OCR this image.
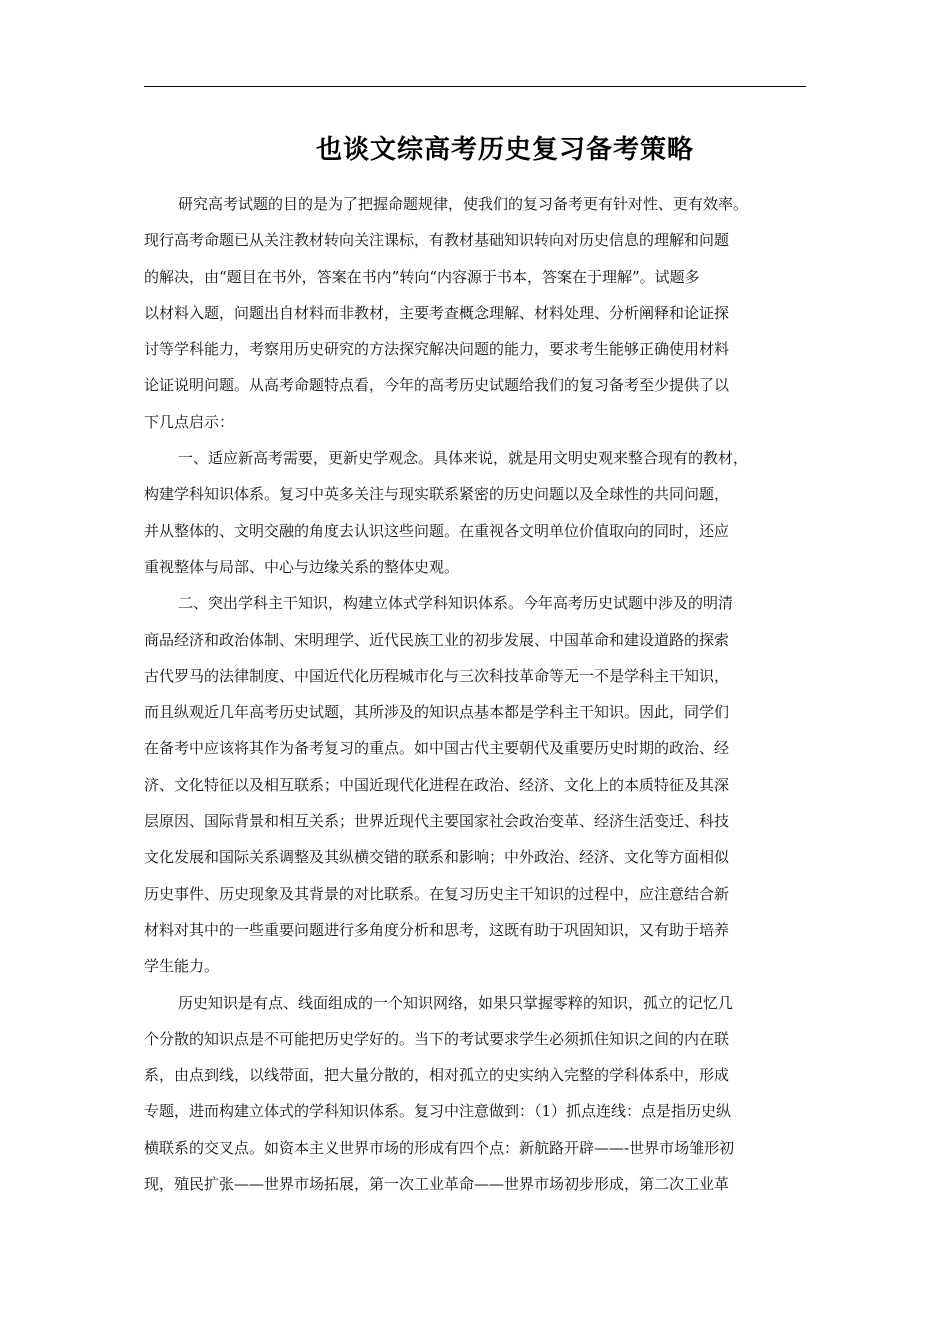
也谈文综高考历史复习备考策略

研究高考试题的目的是为了把握命题规律，使我们的复习备考更有针对性、更有效率。
现行高考命题已从关注教材转向关注课标，有教材基础知识转向对历史信息的理解和问题
的解决，由“题目在书外，答案在书内”转向“内容源于书本，答案在于理解”。试题多
以材料入题，问题出自材料而非教材，主要考查概念理解、材料处理、分析阐释和论证探
讨等学科能力，考察用历史研究的方法探究解决问题的能力，要求考生能够正确使用材料
论证说明问题。从高考命题特点看，今年的高考历史试题给我们的复习备考至少提供了以
下几点启示：

一、适应新高考需要，更新史学观念。具体来说，就是用文明史观来整合现有的教材，
构建学科知识体系。复习中英多关注与现实联系紧密的历史问题以及全球性的共同问题，
并从整体的、文明交融的角度去认识这些问题。在重视各文明单位价值取向的同时，还应
重视整体与局部、中心与边缘关系的整体史观。

二、突出学科主干知识，构建立体式学科知识体系。今年高考历史试题中涉及的明清
商品经济和政治体制、宋明理学、近代民族工业的初步发展、中国革命和建设道路的探索
古代罗马的法律制度、中国近代化历程城市化与三次科技革命等无一不是学科主干知识，
而且纵观近几年高考历史试题，其所涉及的知识点基本都是学科主干知识。因此，同学们
在备考中应该将其作为备考复习的重点。如中国古代主要朝代及重要历史时期的政治、经
济、文化特征以及相互联系；中国近现代化进程在政治、经济、文化上的本质特征及其深
层原因、国际背景和相互关系；世界近现代主要国家社会政治变革、经济生活变迁、科技
文化发展和国际关系调整及其纵横交错的联系和影响；中外政治、经济、文化等方面相似
历史事件、历史现象及其背景的对比联系。在复习历史主干知识的过程中，应注意结合新
材料对其中的一些重要问题进行多角度分析和思考，这既有助于巩固知识，又有助于培养
学生能力。

历史知识是有点、线面组成的一个知识网络，如果只掌握零粹的知识，孤立的记忆几
个分散的知识点是不可能把历史学好的。当下的考试要求学生必须抓住知识之间的内在联
系，由点到线，以线带面，把大量分散的，相对孤立的史实纳入完整的学科体系中，形成
专题，进而构建立体式的学科知识体系。复习中注意做到：（1）抓点连线：点是指历史纵
横联系的交叉点。如资本主义世界市场的形成有四个点：新航路开辟——-世界市场雏形初
现，殖民扩张——世界市场拓展，第一次工业革命——世界市场初步形成，第二次工业革
